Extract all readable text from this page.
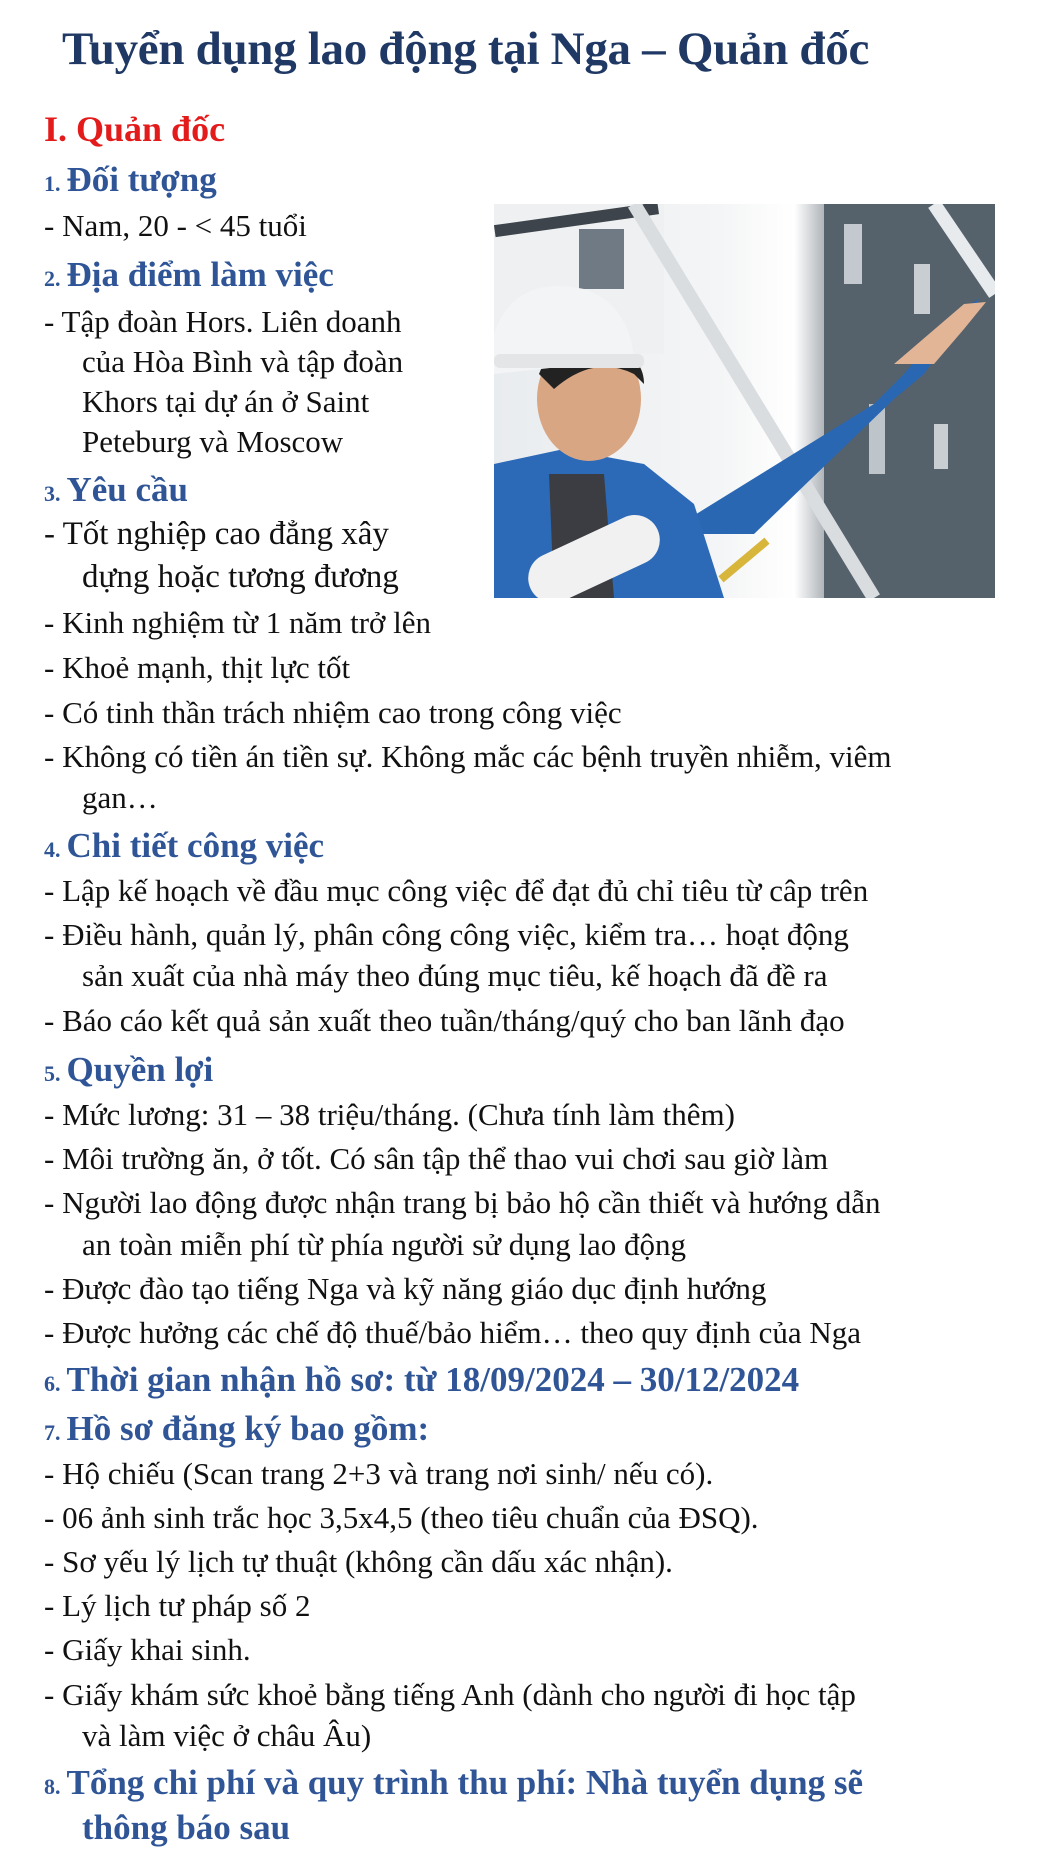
Tuyển dụng lao động tại Nga – Quản đốc
I. Quản đốc
1. Đối tượng
- Nam, 20 - < 45 tuổi
2. Địa điểm làm việc
- Tập đoàn Hors. Liên doanh
của Hòa Bình và tập đoàn
Khors tại dự án ở Saint
Peteburg và Moscow
3. Yêu cầu
- Tốt nghiệp cao đẳng xây
dựng hoặc tương đương
- Kinh nghiệm từ 1 năm trở lên
- Khoẻ mạnh, thịt lực tốt
- Có tinh thần trách nhiệm cao trong công việc
- Không có tiền án tiền sự. Không mắc các bệnh truyền nhiễm, viêm
gan…
4. Chi tiết công việc
- Lập kế hoạch về đầu mục công việc để đạt đủ chỉ tiêu từ câp trên
- Điều hành, quản lý, phân công công việc, kiểm tra… hoạt động
sản xuất của nhà máy theo đúng mục tiêu, kế hoạch đã đề ra
- Báo cáo kết quả sản xuất theo tuần/tháng/quý cho ban lãnh đạo
5. Quyền lợi
- Mức lương: 31 – 38 triệu/tháng. (Chưa tính làm thêm)
- Môi trường ăn, ở tốt. Có sân tập thể thao vui chơi sau giờ làm
- Người lao động được nhận trang bị bảo hộ cần thiết và hướng dẫn
an toàn miễn phí từ phía người sử dụng lao động
- Được đào tạo tiếng Nga và kỹ năng giáo dục định hướng
- Được hưởng các chế độ thuế/bảo hiểm… theo quy định của Nga
6. Thời gian nhận hồ sơ: từ 18/09/2024 – 30/12/2024
7. Hồ sơ đăng ký bao gồm:
- Hộ chiếu (Scan trang 2+3 và trang nơi sinh/ nếu có).
- 06 ảnh sinh trắc học 3,5x4,5 (theo tiêu chuẩn của ĐSQ).
- Sơ yếu lý lịch tự thuật (không cần dấu xác nhận).
- Lý lịch tư pháp số 2
- Giấy khai sinh.
- Giấy khám sức khoẻ bằng tiếng Anh (dành cho người đi học tập
và làm việc ở châu Âu)
8. Tổng chi phí và quy trình thu phí: Nhà tuyển dụng sẽ
thông báo sau
